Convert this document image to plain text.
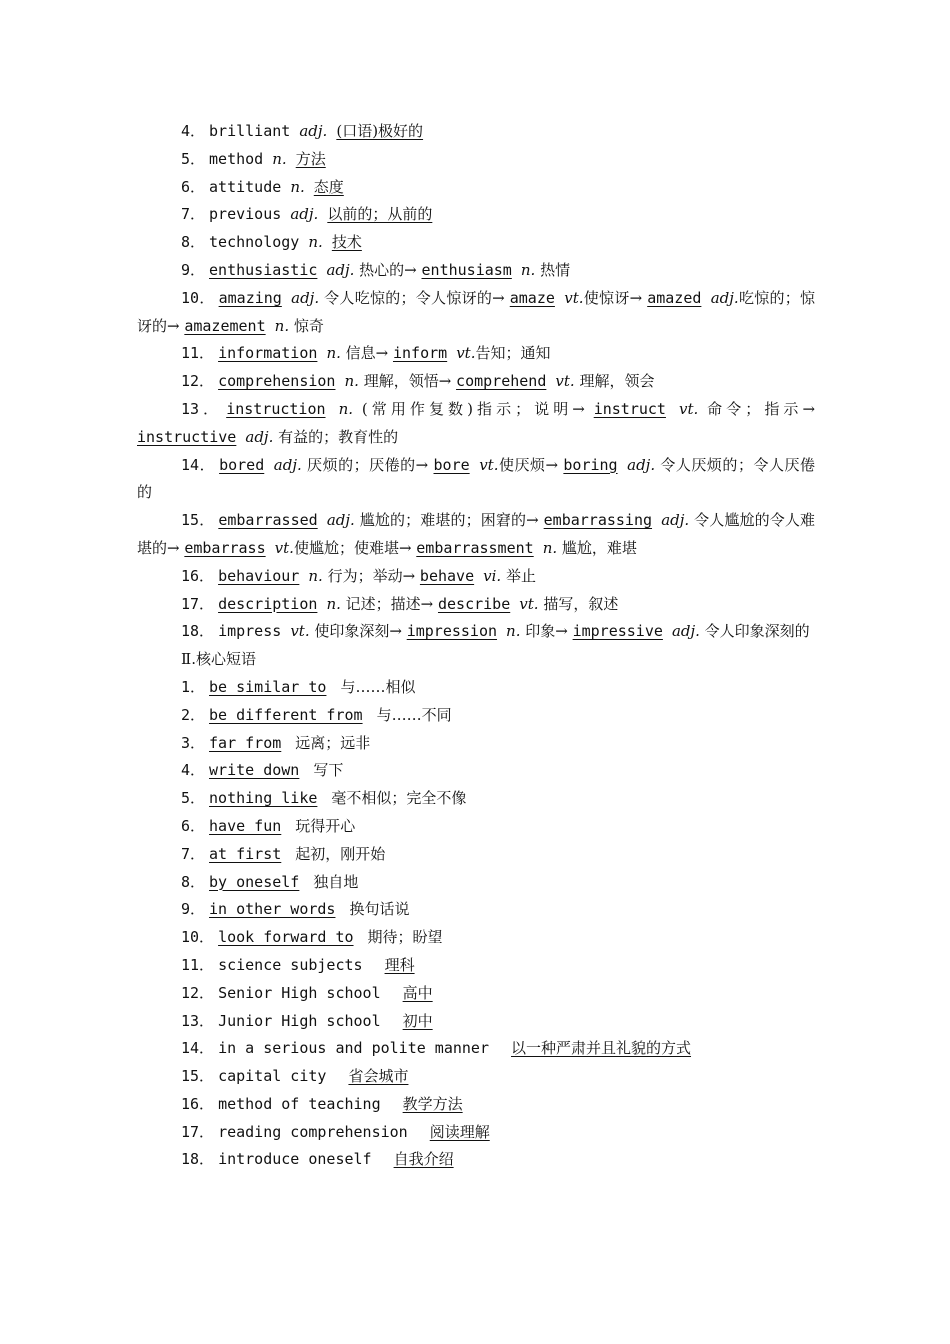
4． brilliant adj. (口语)极好的
5． method n. 方法
6． attitude n. 态度
7． previous adj. 以前的；从前的
8． technology n. 技术
9． enthusiastic adj. 热心的→ enthusiasm n. 热情
10． amazing adj. 令人吃惊的；令人惊讶的→ amaze vt.使惊讶→ amazed adj.吃惊的；惊讶的→ amazement n. 惊奇
11． information n. 信息→ inform vt.告知；通知
12． comprehension n. 理解，领悟→ comprehend vt. 理解，领会
13． instruction n. (常用作复数)指示；说明→ instruct vt. 命令；指示→ instructive adj. 有益的；教育性的
14． bored adj. 厌烦的；厌倦的→ bore vt.使厌烦→ boring adj. 令人厌烦的；令人厌倦的
15． embarrassed adj. 尴尬的；难堪的；困窘的→ embarrassing adj. 令人尴尬的令人难堪的→ embarrass vt.使尴尬；使难堪→ embarrassment n. 尴尬，难堪
16． behaviour n. 行为；举动→ behave vi. 举止
17． description n. 记述；描述→ describe vt. 描写，叙述
18． impress vt. 使印象深刻→ impression n. 印象→ impressive adj. 令人印象深刻的
Ⅱ.核心短语
1． be similar to 与……相似
2． be different from 与……不同
3． far from 远离；远非
4． write down 写下
5． nothing like 毫不相似；完全不像
6． have fun 玩得开心
7． at first 起初，刚开始
8． by oneself 独自地
9． in other words 换句话说
10． look forward to 期待；盼望
11． science subjects 理科
12． Senior High school 高中
13． Junior High school 初中
14． in a serious and polite manner 以一种严肃并且礼貌的方式
15． capital city 省会城市
16． method of teaching 教学方法
17． reading comprehension 阅读理解
18． introduce oneself 自我介绍
